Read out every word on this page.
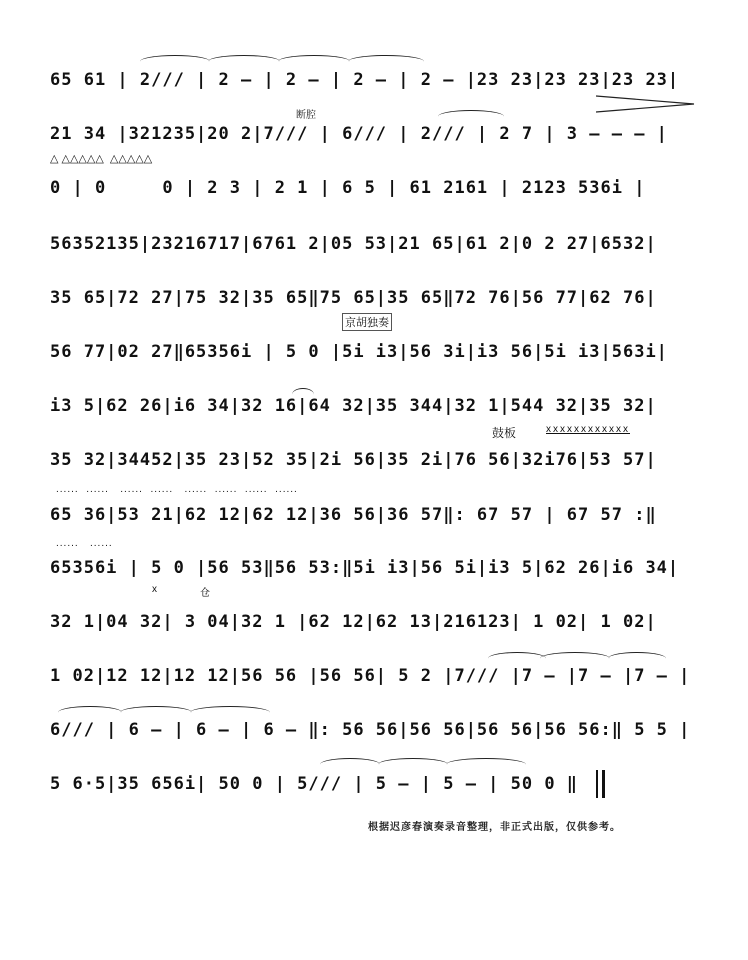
65 61 | 2/// | 2 – | 2 – | 2 – | 2 – |23 23|23 23|23 23|
21 34 |321235|20 2|7/// | 6/// | 2/// | 2 7 | 3 – – – |
0 | 0     0 | 2 3 | 2 1 | 6 5 | 61 2161 | 2123 536i |
56352135|23216717|6761 2|05 53|21 65|61 2|0 2 27|6532|
35 65|72 27|75 32|35 65‖75 65|35 65‖72 76|56 77|62 76|
56 77|02 27‖65356i | 5 0 |5i i3|56 3i|i3 56|5i i3|563i|
i3 5|62 26|i6 34|32 16|64 32|35 344|32 1|544 32|35 32|
35 32|34452|35 23|52 35|2i 56|35 2i|76 56|32i76|53 57|
65 36|53 21|62 12|62 12|36 56|36 57‖: 67 57 | 67 57 :‖
65356i | 5 0 |56 53‖56 53:‖5i i3|56 5i|i3 5|62 26|i6 34|
32 1|04 32| 3 04|32 1 |62 12|62 13|216123| 1 02| 1 02|
1 02|12 12|12 12|56 56 |56 56| 5 2 |7/// |7 – |7 – |7 – |
6/// | 6 – | 6 – | 6 – ‖: 56 56|56 56|56 56|56 56:‖ 5 5 |
5 6·5|35 656i| 50 0 | 5/// | 5 – | 5 – | 50 0 ‖
断腔
京胡独奏
鼓板	xxxxxxxxxxxx
仓
△ △△△△△  △△△△△
......  ......   ......  ......   ......  ......  ......  ......
......   ......
x
根据迟彦春演奏录音整理，非正式出版，仅供参考。
